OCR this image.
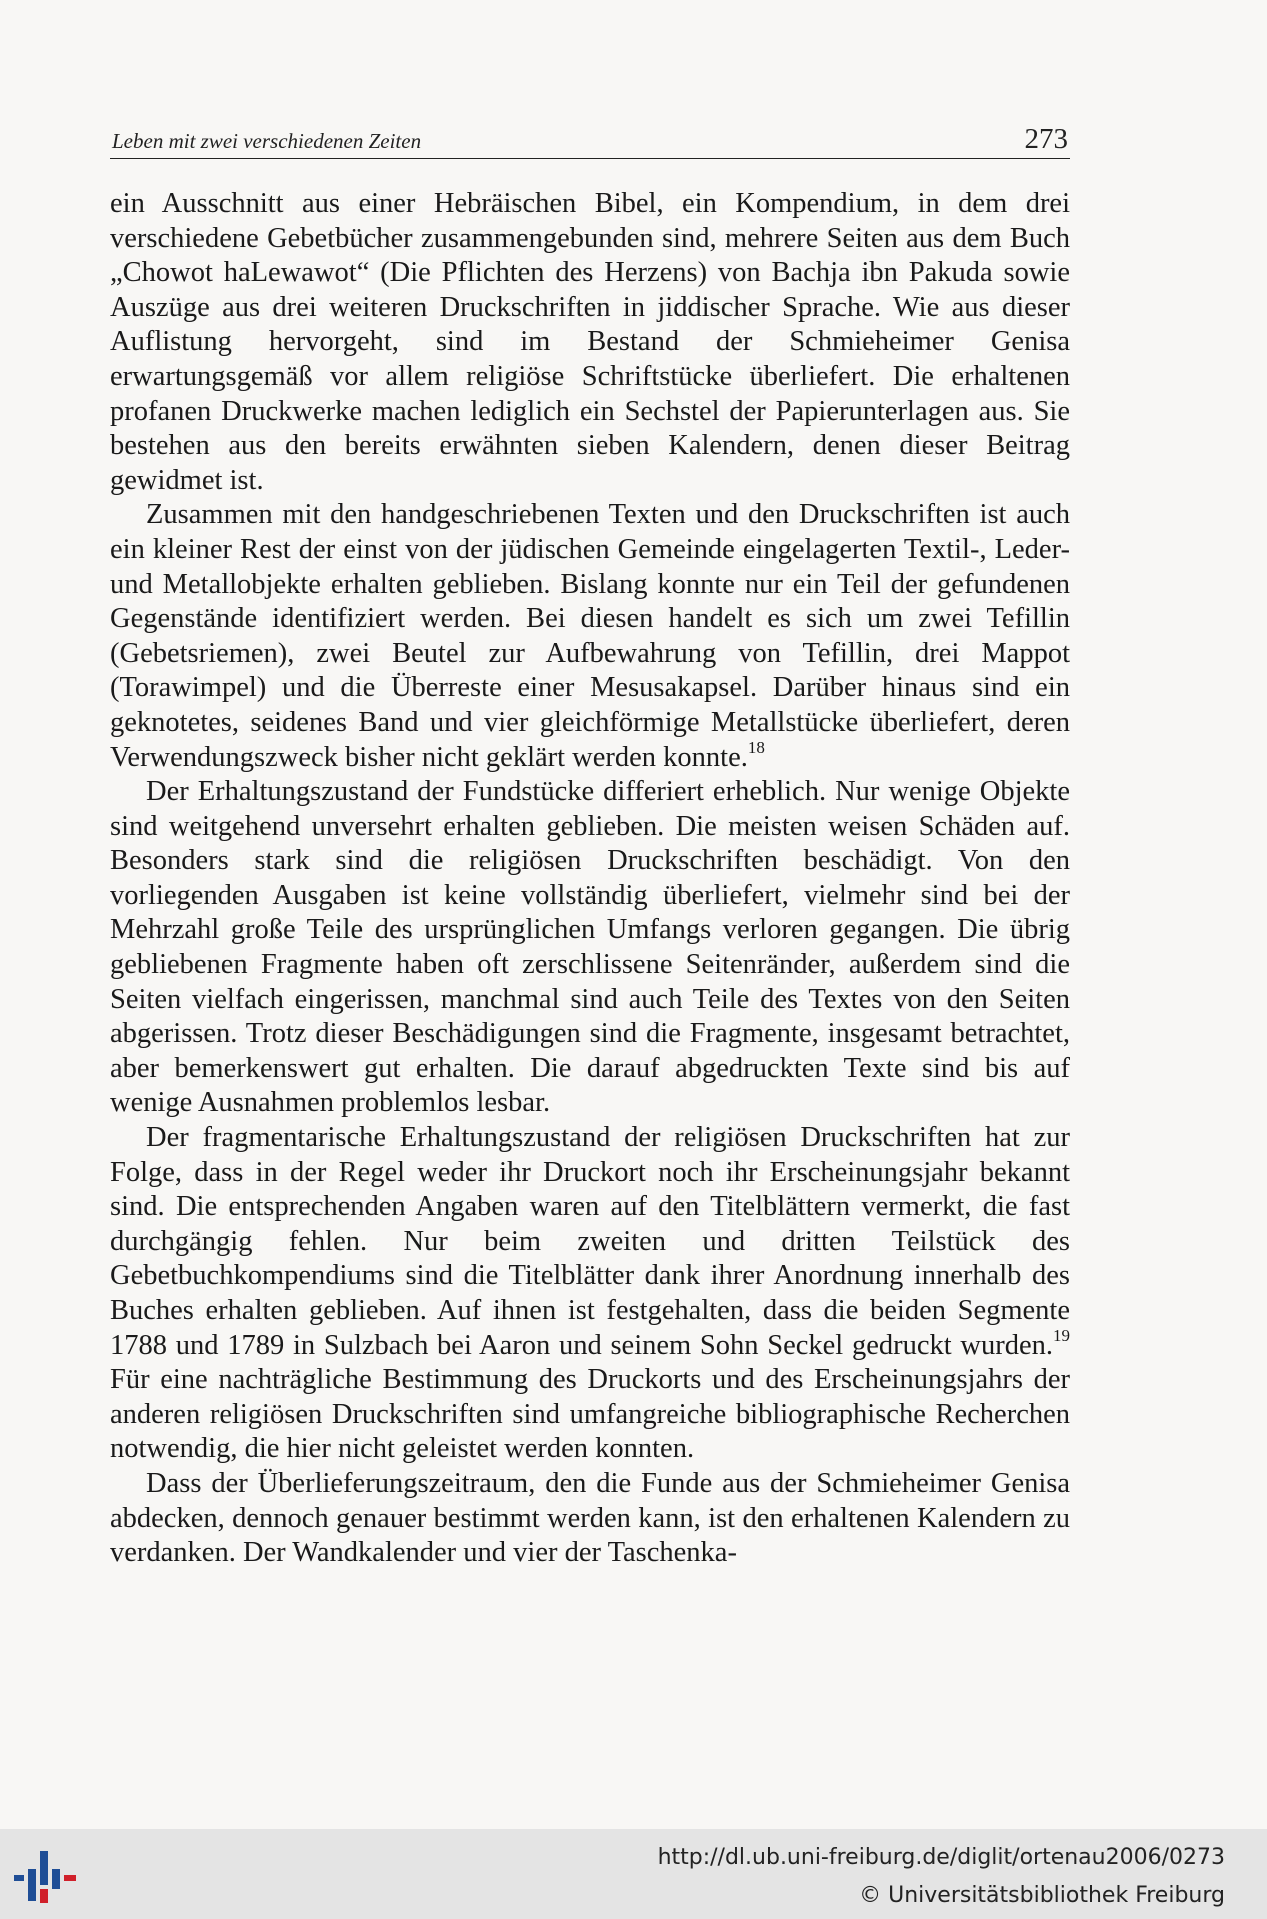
Leben mit zwei verschiedenen Zeiten	273

ein Ausschnitt aus einer Hebräischen Bibel, ein Kompendium, in dem drei verschiedene Gebetbücher zusammengebunden sind, mehrere Seiten aus dem Buch „Chowot haLewawot“ (Die Pflichten des Herzens) von Bachja ibn Pakuda sowie Auszüge aus drei weiteren Druckschriften in jiddischer Sprache. Wie aus dieser Auflistung hervorgeht, sind im Bestand der Schmieheimer Genisa erwartungsgemäß vor allem religiöse Schriftstücke überliefert. Die erhaltenen profanen Druckwerke machen lediglich ein Sechstel der Papierunterlagen aus. Sie bestehen aus den bereits erwähnten sieben Kalendern, denen dieser Beitrag gewidmet ist.

Zusammen mit den handgeschriebenen Texten und den Druckschriften ist auch ein kleiner Rest der einst von der jüdischen Gemeinde eingelagerten Textil-, Leder- und Metallobjekte erhalten geblieben. Bislang konnte nur ein Teil der gefundenen Gegenstände identifiziert werden. Bei diesen handelt es sich um zwei Tefillin (Gebetsriemen), zwei Beutel zur Aufbewahrung von Tefillin, drei Mappot (Torawimpel) und die Überreste einer Mesusakapsel. Darüber hinaus sind ein geknotetes, seidenes Band und vier gleichförmige Metallstücke überliefert, deren Verwendungszweck bisher nicht geklärt werden konnte.$^{18}$

Der Erhaltungszustand der Fundstücke differiert erheblich. Nur wenige Objekte sind weitgehend unversehrt erhalten geblieben. Die meisten weisen Schäden auf. Besonders stark sind die religiösen Druckschriften beschädigt. Von den vorliegenden Ausgaben ist keine vollständig überliefert, vielmehr sind bei der Mehrzahl große Teile des ursprünglichen Umfangs verloren gegangen. Die übrig gebliebenen Fragmente haben oft zerschlissene Seitenränder, außerdem sind die Seiten vielfach eingerissen, manchmal sind auch Teile des Textes von den Seiten abgerissen. Trotz dieser Beschädigungen sind die Fragmente, insgesamt betrachtet, aber bemerkenswert gut erhalten. Die darauf abgedruckten Texte sind bis auf wenige Ausnahmen problemlos lesbar.

Der fragmentarische Erhaltungszustand der religiösen Druckschriften hat zur Folge, dass in der Regel weder ihr Druckort noch ihr Erscheinungsjahr bekannt sind. Die entsprechenden Angaben waren auf den Titelblättern vermerkt, die fast durchgängig fehlen. Nur beim zweiten und dritten Teilstück des Gebetbuchkompendiums sind die Titelblätter dank ihrer Anordnung innerhalb des Buches erhalten geblieben. Auf ihnen ist festgehalten, dass die beiden Segmente 1788 und 1789 in Sulzbach bei Aaron und seinem Sohn Seckel gedruckt wurden.$^{19}$ Für eine nachträgliche Bestimmung des Druckorts und des Erscheinungsjahrs der anderen religiösen Druckschriften sind umfangreiche bibliographische Recherchen notwendig, die hier nicht geleistet werden konnten.

Dass der Überlieferungszeitraum, den die Funde aus der Schmieheimer Genisa abdecken, dennoch genauer bestimmt werden kann, ist den erhaltenen Kalendern zu verdanken. Der Wandkalender und vier der Taschenka-

http://dl.ub.uni-freiburg.de/diglit/ortenau2006/0273
© Universitätsbibliothek Freiburg
